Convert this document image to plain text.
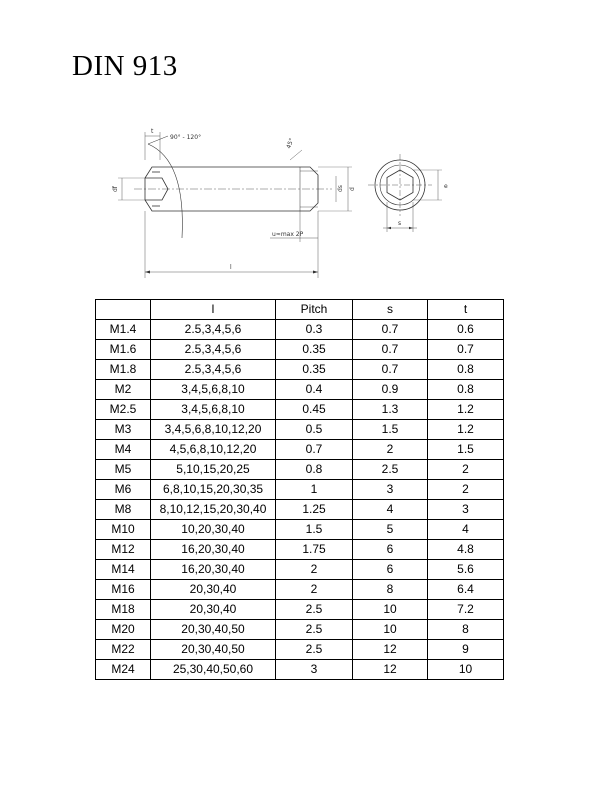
DIN 913
t
90° - 120°	45°
df	ds d
u≈max 2P
l
e
s
	l	Pitch	s	t
M1.4	2.5,3,4,5,6	0.3	0.7	0.6
M1.6	2.5,3,4,5,6	0.35	0.7	0.7
M1.8	2.5,3,4,5,6	0.35	0.7	0.8
M2	3,4,5,6,8,10	0.4	0.9	0.8
M2.5	3,4,5,6,8,10	0.45	1.3	1.2
M3	3,4,5,6,8,10,12,20	0.5	1.5	1.2
M4	4,5,6,8,10,12,20	0.7	2	1.5
M5	5,10,15,20,25	0.8	2.5	2
M6	6,8,10,15,20,30,35	1	3	2
M8	8,10,12,15,20,30,40	1.25	4	3
M10	10,20,30,40	1.5	5	4
M12	16,20,30,40	1.75	6	4.8
M14	16,20,30,40	2	6	5.6
M16	20,30,40	2	8	6.4
M18	20,30,40	2.5	10	7.2
M20	20,30,40,50	2.5	10	8
M22	20,30,40,50	2.5	12	9
M24	25,30,40,50,60	3	12	10
